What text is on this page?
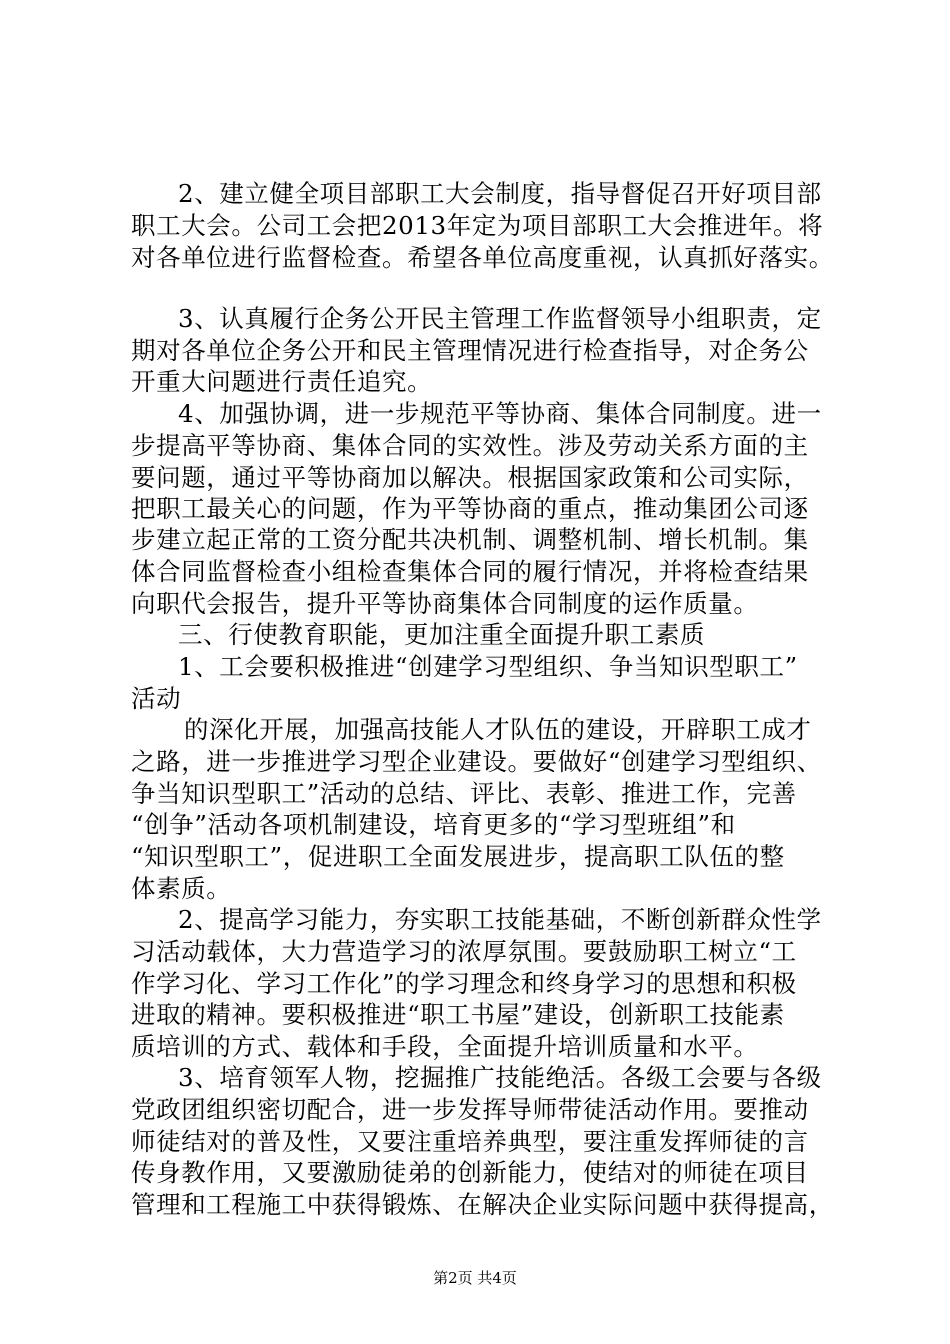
2、建立健全项目部职工大会制度，指导督促召开好项目部
职工大会。公司工会把2013年定为项目部职工大会推进年。将
对各单位进行监督检查。希望各单位高度重视，认真抓好落实。
3、认真履行企务公开民主管理工作监督领导小组职责，定
期对各单位企务公开和民主管理情况进行检查指导，对企务公
开重大问题进行责任追究。
4、加强协调，进一步规范平等协商、集体合同制度。进一
步提高平等协商、集体合同的实效性。涉及劳动关系方面的主
要问题，通过平等协商加以解决。根据国家政策和公司实际，
把职工最关心的问题，作为平等协商的重点，推动集团公司逐
步建立起正常的工资分配共决机制、调整机制、增长机制。集
体合同监督检查小组检查集体合同的履行情况，并将检查结果
向职代会报告，提升平等协商集体合同制度的运作质量。
三、行使教育职能，更加注重全面提升职工素质
1、工会要积极推进“创建学习型组织、争当知识型职工”
活动
的深化开展，加强高技能人才队伍的建设，开辟职工成才
之路，进一步推进学习型企业建设。要做好“创建学习型组织、
争当知识型职工”活动的总结、评比、表彰、推进工作，完善
“创争”活动各项机制建设，培育更多的“学习型班组”和
“知识型职工”，促进职工全面发展进步，提高职工队伍的整
体素质。
2、提高学习能力，夯实职工技能基础，不断创新群众性学
习活动载体，大力营造学习的浓厚氛围。要鼓励职工树立“工
作学习化、学习工作化”的学习理念和终身学习的思想和积极
进取的精神。要积极推进“职工书屋”建设，创新职工技能素
质培训的方式、载体和手段，全面提升培训质量和水平。
3、培育领军人物，挖掘推广技能绝活。各级工会要与各级
党政团组织密切配合，进一步发挥导师带徒活动作用。要推动
师徒结对的普及性，又要注重培养典型，要注重发挥师徒的言
传身教作用，又要激励徒弟的创新能力，使结对的师徒在项目
管理和工程施工中获得锻炼、在解决企业实际问题中获得提高，
第2页 共4页
